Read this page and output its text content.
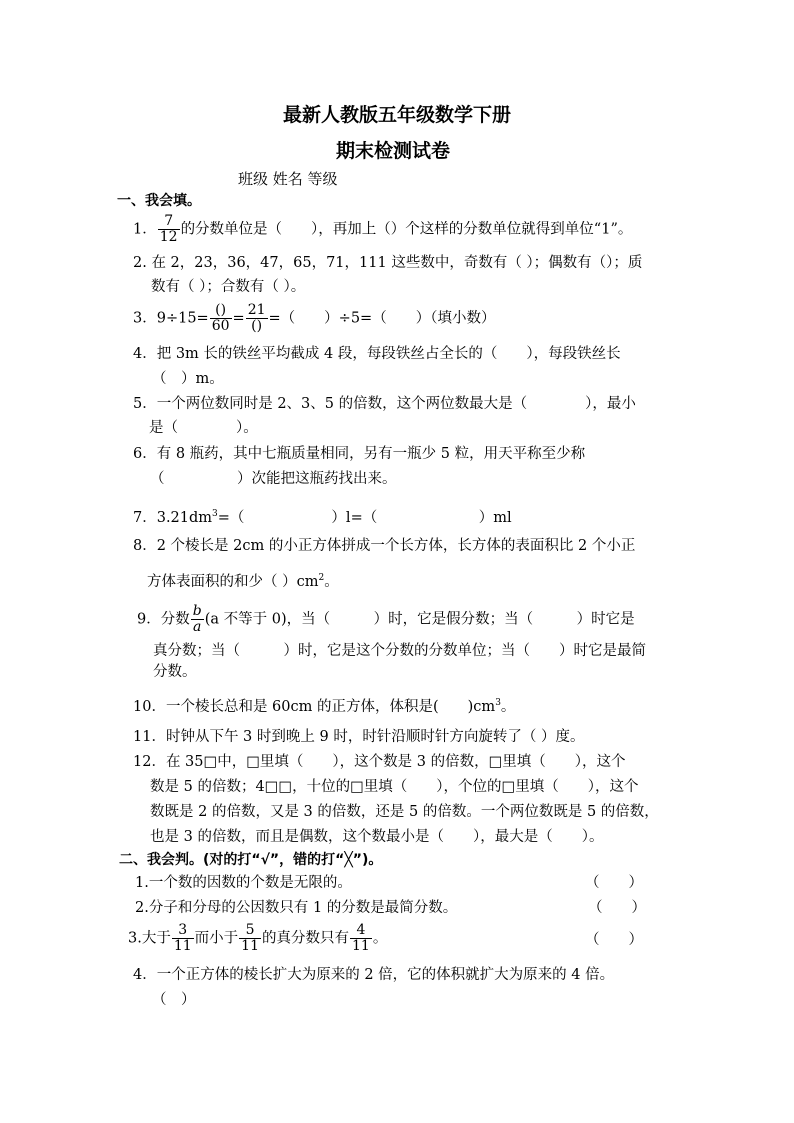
最新人教版五年级数学下册
期末检测试卷
班级 姓名 等级
一、我会填。
1． $\frac{7}{12}$ 的分数单位是（　　），再加上（）个这样的分数单位就得到单位“1”。
2. 在 2，23，36，47，65，71，111 这些数中，奇数有（ ）；偶数有（）；质
数有（ ）；合数有（ ）。
3．$9\div 15= \frac{()}{60} = \frac{21}{()}$ =（　　）÷5=（　　）（填小数）
4．把 3m 长的铁丝平均截成 4 段，每段铁丝占全长的（　　），每段铁丝长
（　）m。
5．一个两位数同时是 2、3、5 的倍数，这个两位数最大是（　　　　），最小
是（　　　　）。
6．有 8 瓶药，其中七瓶质量相同，另有一瓶少 5 粒，用天平称至少称
（　　　　　）次能把这瓶药找出来。
7．$3.21dm^3=$（　　　　　　）l=（　　　　　　　）ml
8．2 个棱长是 2cm 的小正方体拼成一个长方体，长方体的表面积比 2 个小正
方体表面积的和少（ ）$cm^2$。
9．分数 $\frac{b}{a} (a$ 不等于 0)，当（　　　）时，它是假分数；当（　　　）时它是
真分数；当（　　　）时，它是这个分数的分数单位；当（　　）时它是最简
分数。
10．一个棱长总和是 60cm 的正方体，体积是(　　)$cm^3$。
11．时钟从下午 3 时到晚上 9 时，时针沿顺时针方向旋转了（ ）度。
12．在 35□中，□里填（　　），这个数是 3 的倍数，□里填（　　），这个
数是 5 的倍数；4□□，十位的□里填（　　），个位的□里填（　　），这个
数既是 2 的倍数，又是 3 的倍数，还是 5 的倍数。一个两位数既是 5 的倍数，
也是 3 的倍数，而且是偶数，这个数最小是（　　），最大是（　　）。
二、我会判。(对的打“√”，错的打“╳”)。
1.一个数的因数的个数是无限的。	（　　）
2.分子和分母的公因数只有 1 的分数是最简分数。	（　　）
3.大于 $\frac{3}{11}$ 而小于 $\frac{5}{11}$ 的真分数只有 $\frac{4}{11}$ 。	（　　）
4．一个正方体的棱长扩大为原来的 2 倍，它的体积就扩大为原来的 4 倍。
（　）
